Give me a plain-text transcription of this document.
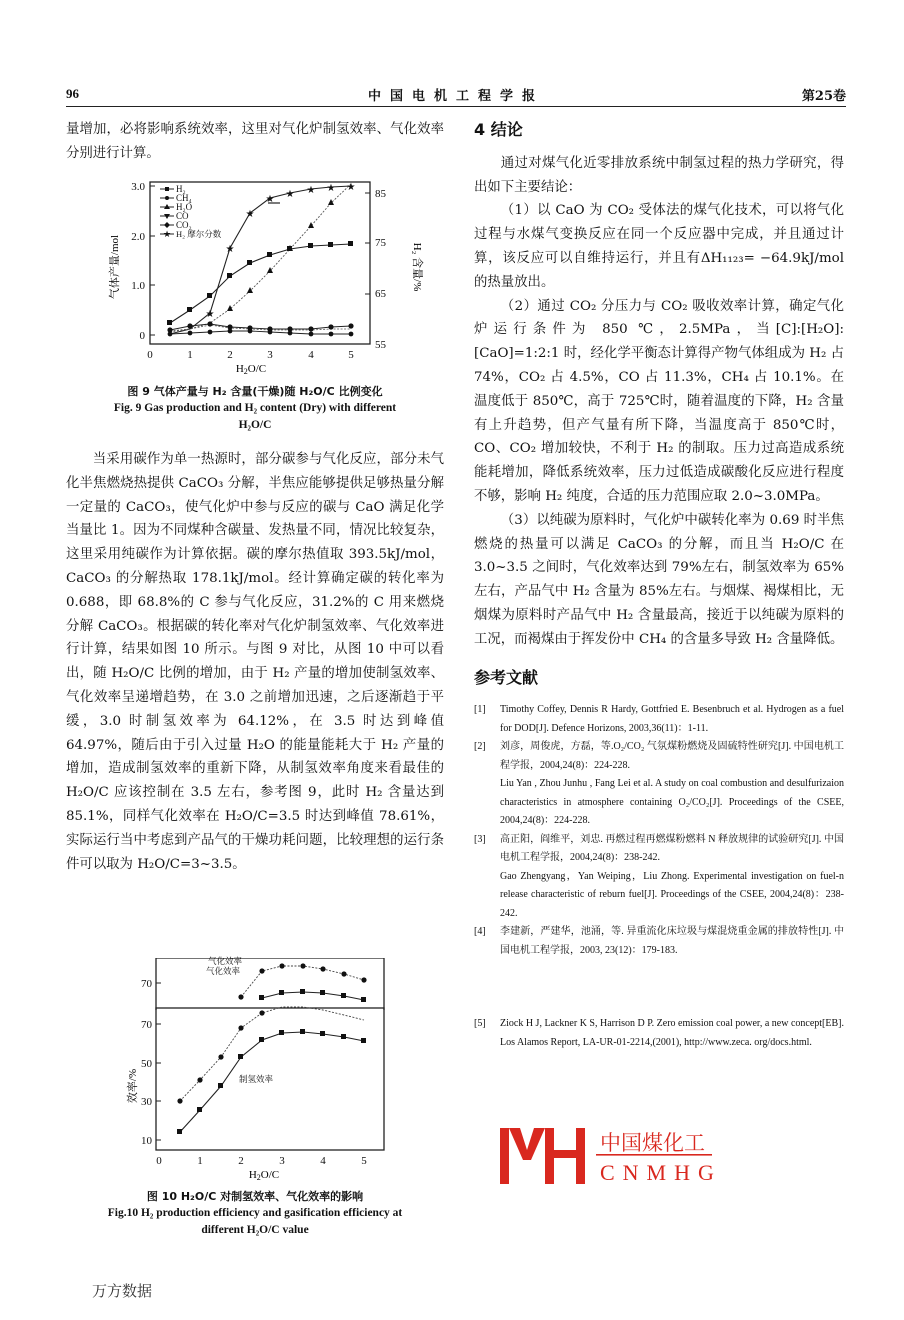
96	中国电机工程学报	第25卷

量增加，必将影响系统效率，这里对气化炉制氢效率、气化效率分别进行计算。

0
1.0
2.0
3.0
55
65
75
85
0	1	2	3	4	5
H2O/C
气体产量/mol	H₂ 含量/%
★
★
★
★ ★ ★ ★ ★
H₂
CH₄
H₂O
CO
CO₂
★ H₂ 摩尔分数
图 9 气体产量与 H₂ 含量(干燥)随 H₂O/C 比例变化
Fig. 9 Gas production and H₂ content (Dry) with different
H₂O/C

当采用碳作为单一热源时，部分碳参与气化反应，部分未气化半焦燃烧热提供 CaCO₃ 分解，半焦应能够提供足够热量分解一定量的 CaCO₃，使气化炉中参与反应的碳与 CaO 满足化学当量比 1。因为不同煤种含碳量、发热量不同，情况比较复杂，这里采用纯碳作为计算依据。碳的摩尔热值取 393.5kJ/mol，CaCO₃ 的分解热取 178.1kJ/mol。经计算确定碳的转化率为 0.688，即 68.8%的 C 参与气化反应，31.2%的 C 用来燃烧分解 CaCO₃。根据碳的转化率对气化炉制氢效率、气化效率进行计算，结果如图 10 所示。与图 9 对比，从图 10 中可以看出，随 H₂O/C 比例的增加，由于 H₂ 产量的增加使制氢效率、气化效率呈递增趋势，在 3.0 之前增加迅速，之后逐渐趋于平缓，3.0 时制氢效率为 64.12%，在 3.5 时达到峰值 64.97%，随后由于引入过量 H₂O 的能量能耗大于 H₂ 产量的增加，造成制氢效率的重新下降，从制氢效率角度来看最佳的 H₂O/C 应该控制在 3.5 左右，参考图 9，此时 H₂ 含量达到 85.1%，同样气化效率在 H₂O/C=3.5 时达到峰值 78.61%，实际运行当中考虑到产品气的干燥功耗问题，比较理想的运行条件可以取为 H₂O/C=3~3.5。

10
30
50
70
0	1	2	3	4	5
H2O/C
效率/%	制氢效率
气化效率
70
气化效率
图 10 H₂O/C 对制氢效率、气化效率的影响
Fig.10 H₂ production efficiency and gasification efficiency at
different H₂O/C value
4 结论

通过对煤气化近零排放系统中制氢过程的热力学研究，得出如下主要结论：

（1）以 CaO 为 CO₂ 受体法的煤气化技术，可以将气化过程与水煤气变换反应在同一个反应器中完成，并且通过计算，该反应可以自维持运行，并且有ΔH₁₁₂₃= −64.9kJ/mol 的热量放出。

（2）通过 CO₂ 分压力与 CO₂ 吸收效率计算，确定气化炉运行条件为 850 ℃，2.5MPa，当[C]:[H₂O]:[CaO]=1:2:1 时，经化学平衡态计算得产物气体组成为 H₂ 占 74%，CO₂ 占 4.5%，CO 占 11.3%，CH₄ 占 10.1%。在温度低于 850℃，高于 725℃时，随着温度的下降，H₂ 含量有上升趋势，但产气量有所下降，当温度高于 850℃时，CO、CO₂ 增加较快，不利于 H₂ 的制取。压力过高造成系统能耗增加，降低系统效率，压力过低造成碳酸化反应进行程度不够，影响 H₂ 纯度，合适的压力范围应取 2.0~3.0MPa。

（3）以纯碳为原料时，气化炉中碳转化率为 0.69 时半焦燃烧的热量可以满足 CaCO₃ 的分解，而且当 H₂O/C 在 3.0~3.5 之间时，气化效率达到 79%左右，制氢效率为 65%左右，产品气中 H₂ 含量为 85%左右。与烟煤、褐煤相比，无烟煤为原料时产品气中 H₂ 含量最高，接近于以纯碳为原料的工况，而褐煤由于挥发份中 CH₄ 的含量多导致 H₂ 含量降低。

参考文献
[1] Timothy Coffey, Dennis R Hardy, Gottfried E. Besenbruch et al. Hydrogen as a fuel for DOD[J]. Defence Horizons, 2003,36(11)：1-11.
[2] 刘彦，周俊虎，方磊，等.O₂/CO₂ 气氛煤粉燃烧及固硫特性研究[J]. 中国电机工程学报，2004,24(8)：224-228.
Liu Yan , Zhou Junhu , Fang Lei et al. A study on coal combustion and desulfurizaion characteristics in atmosphere containing O₂/CO₂[J]. Proceedings of the CSEE, 2004,24(8)：224-228.
[3] 高正阳，阎维平，刘忠. 再燃过程再燃煤粉燃料 N 释放规律的试验研究[J]. 中国电机工程学报，2004,24(8)：238-242.
Gao Zhengyang，Yan Weiping，Liu Zhong. Experimental investigation on fuel-n release characteristic of reburn fuel[J]. Proceedings of the CSEE, 2004,24(8)：238-242.
[4] 李建新，严建华，池涌，等. 异重流化床垃圾与煤混烧重金属的排放特性[J]. 中国电机工程学报，2003, 23(12)：179-183.
[5] Ziock H J, Lackner K S, Harrison D P. Zero emission coal power, a new concept[EB]. Los Alamos Report, LA-UR-01-2214,(2001), http://www.zeca. org/docs.html.
中国煤化工
CNMHG
万方数据
